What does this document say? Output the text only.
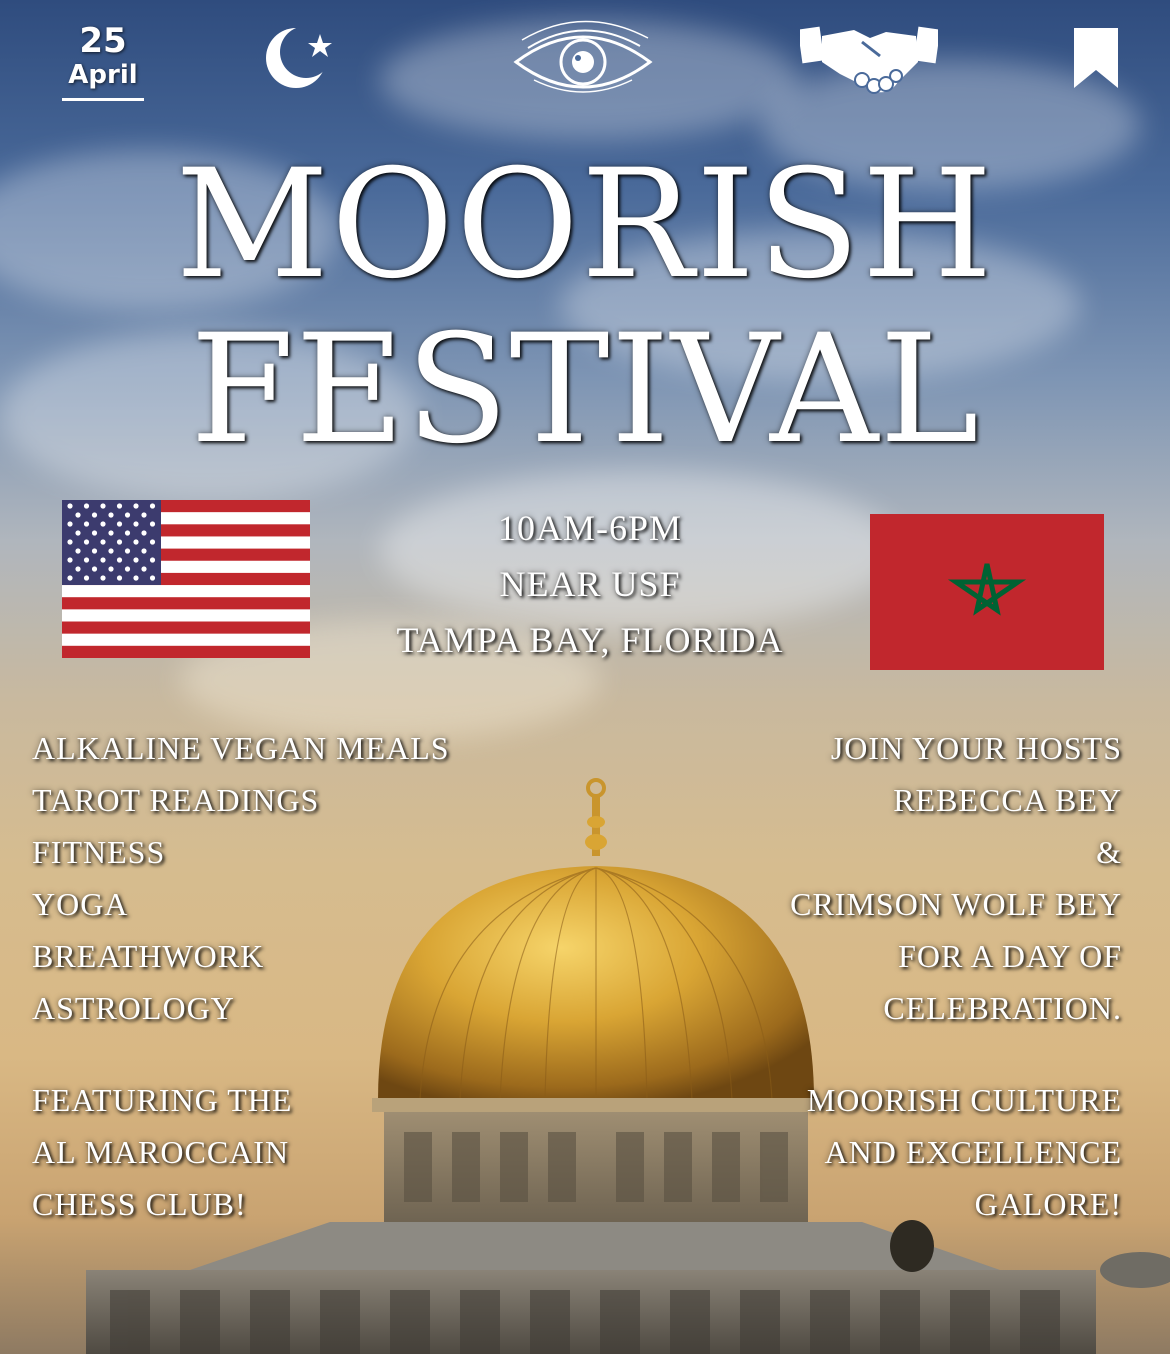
25
April
MOORISH
FESTIVAL
10AM-6PM
NEAR USF
TAMPA BAY, FLORIDA
ALKALINE VEGAN MEALS
TAROT READINGS
FITNESS
YOGA
BREATHWORK
ASTROLOGY
FEATURING THE
AL MAROCCAIN
CHESS CLUB!
JOIN YOUR HOSTS
REBECCA BEY
&
CRIMSON WOLF BEY
FOR A DAY OF
CELEBRATION.
MOORISH CULTURE
AND EXCELLENCE
GALORE!
